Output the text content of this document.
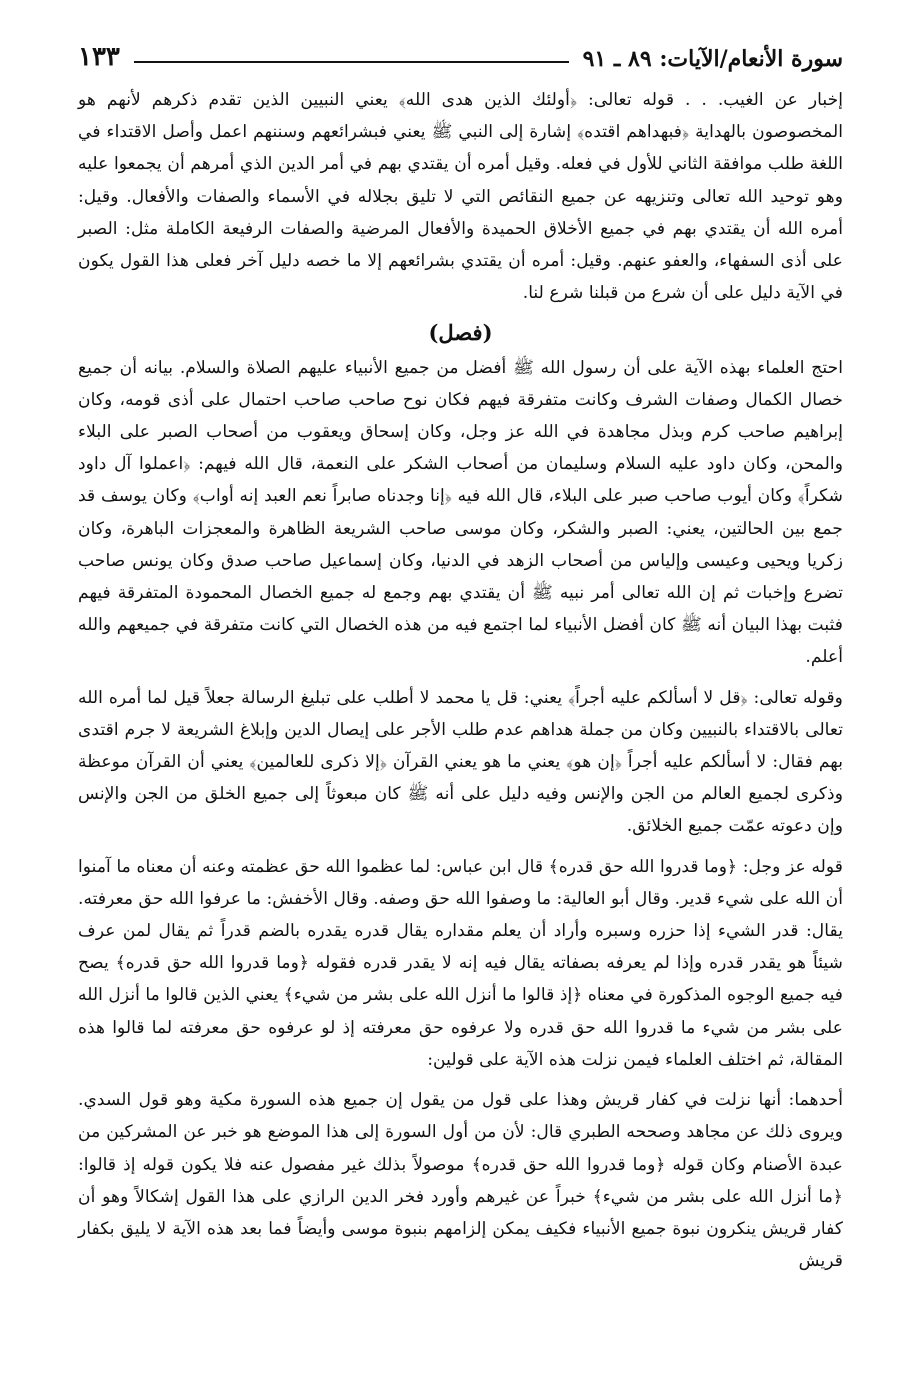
سورة الأنعام/الآيات: ٨٩ ـ ٩١
١٣٣

إخبار عن الغيب. . . قوله تعالى: ﴿أولئك الذين هدى الله﴾ يعني النبيين الذين تقدم ذكرهم لأنهم هو المخصوصون بالهداية ﴿فبهداهم اقتده﴾ إشارة إلى النبي ﷺ يعني فبشرائعهم وسننهم اعمل وأصل الاقتداء في اللغة طلب موافقة الثاني للأول في فعله. وقيل أمره أن يقتدي بهم في أمر الدين الذي أمرهم أن يجمعوا عليه وهو توحيد الله تعالى وتنزيهه عن جميع النقائص التي لا تليق بجلاله في الأسماء والصفات والأفعال. وقيل: أمره الله أن يقتدي بهم في جميع الأخلاق الحميدة والأفعال المرضية والصفات الرفيعة الكاملة مثل: الصبر على أذى السفهاء، والعفو عنهم. وقيل: أمره أن يقتدي بشرائعهم إلا ما خصه دليل آخر فعلى هذا القول يكون في الآية دليل على أن شرع من قبلنا شرع لنا.

(فصل)

احتج العلماء بهذه الآية على أن رسول الله ﷺ أفضل من جميع الأنبياء عليهم الصلاة والسلام. بيانه أن جميع خصال الكمال وصفات الشرف وكانت متفرقة فيهم فكان نوح صاحب صاحب احتمال على أذى قومه، وكان إبراهيم صاحب كرم وبذل مجاهدة في الله عز وجل، وكان إسحاق ويعقوب من أصحاب الصبر على البلاء والمحن، وكان داود عليه السلام وسليمان من أصحاب الشكر على النعمة، قال الله فيهم: ﴿اعملوا آل داود شكراً﴾ وكان أيوب صاحب صبر على البلاء، قال الله فيه ﴿إنا وجدناه صابراً نعم العبد إنه أواب﴾ وكان يوسف قد جمع بين الحالتين، يعني: الصبر والشكر، وكان موسى صاحب الشريعة الظاهرة والمعجزات الباهرة، وكان زكريا ويحيى وعيسى وإلياس من أصحاب الزهد في الدنيا، وكان إسماعيل صاحب صدق وكان يونس صاحب تضرع وإخبات ثم إن الله تعالى أمر نبيه ﷺ أن يقتدي بهم وجمع له جميع الخصال المحمودة المتفرقة فيهم فثبت بهذا البيان أنه ﷺ كان أفضل الأنبياء لما اجتمع فيه من هذه الخصال التي كانت متفرقة في جميعهم والله أعلم.

وقوله تعالى: ﴿قل لا أسألكم عليه أجراً﴾ يعني: قل يا محمد لا أطلب على تبليغ الرسالة جعلاً قيل لما أمره الله تعالى بالاقتداء بالنبيين وكان من جملة هداهم عدم طلب الأجر على إيصال الدين وإبلاغ الشريعة لا جرم اقتدى بهم فقال: لا أسألكم عليه أجراً ﴿إن هو﴾ يعني ما هو يعني القرآن ﴿إلا ذكرى للعالمين﴾ يعني أن القرآن موعظة وذكرى لجميع العالم من الجن والإنس وفيه دليل على أنه ﷺ كان مبعوثاً إلى جميع الخلق من الجن والإنس وإن دعوته عمّت جميع الخلائق.

قوله عز وجل: ﴿وما قدروا الله حق قدره﴾ قال ابن عباس: لما عظموا الله حق عظمته وعنه أن معناه ما آمنوا أن الله على شيء قدير. وقال أبو العالية: ما وصفوا الله حق وصفه. وقال الأخفش: ما عرفوا الله حق معرفته. يقال: قدر الشيء إذا حزره وسبره وأراد أن يعلم مقداره يقال قدره يقدره بالضم قدراً ثم يقال لمن عرف شيئاً هو يقدر قدره وإذا لم يعرفه بصفاته يقال فيه إنه لا يقدر قدره فقوله ﴿وما قدروا الله حق قدره﴾ يصح فيه جميع الوجوه المذكورة في معناه ﴿إذ قالوا ما أنزل الله على بشر من شيء﴾ يعني الذين قالوا ما أنزل الله على بشر من شيء ما قدروا الله حق قدره ولا عرفوه حق معرفته إذ لو عرفوه حق معرفته لما قالوا هذه المقالة، ثم اختلف العلماء فيمن نزلت هذه الآية على قولين:

أحدهما: أنها نزلت في كفار قريش وهذا على قول من يقول إن جميع هذه السورة مكية وهو قول السدي. ويروى ذلك عن مجاهد وصححه الطبري قال: لأن من أول السورة إلى هذا الموضع هو خبر عن المشركين من عبدة الأصنام وكان قوله ﴿وما قدروا الله حق قدره﴾ موصولاً بذلك غير مفصول عنه فلا يكون قوله إذ قالوا: ﴿ما أنزل الله على بشر من شيء﴾ خبراً عن غيرهم وأورد فخر الدين الرازي على هذا القول إشكالاً وهو أن كفار قريش ينكرون نبوة جميع الأنبياء فكيف يمكن إلزامهم بنبوة موسى وأيضاً فما بعد هذه الآية لا يليق بكفار قريش
